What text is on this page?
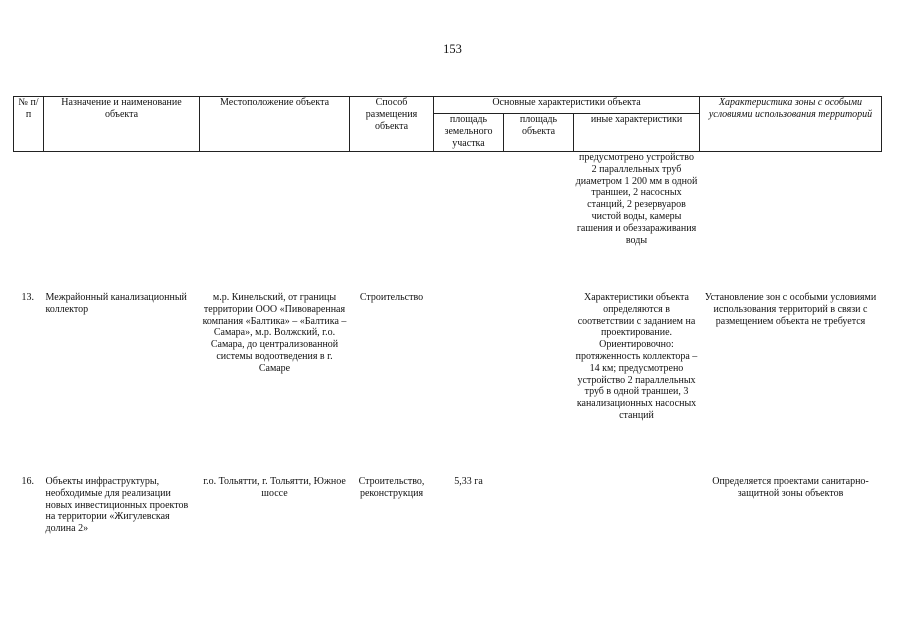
153
№ п/п	Назначение и наименование объекта	Местоположение объекта	Способ размещения объекта	Основные характеристики объекта			Характеристика зоны с особыми условиями использования территорий
				площадь земельного участка	площадь объекта	иные характеристики	
						предусмотрено устройство 2 параллельных труб диаметром 1 200 мм в одной траншеи, 2 насосных станций, 2 резервуаров чистой воды, камеры гашения и обеззараживания воды	
13.	Межрайонный канализационный коллектор	м.р. Кинельский, от границы территории ООО «Пивоваренная компания «Балтика» – «Балтика – Самара», м.р. Волжский, г.о. Самара, до централизованной системы водоотведения в г. Самаре	Строительство			Характеристики объекта определяются в соответствии с заданием на проектирование. Ориентировочно: протяженность коллектора – 14 км; предусмотрено устройство 2 параллельных труб в одной траншеи, 3 канализационных насосных станций	Установление зон с особыми условиями использования территорий в связи с размещением объекта не требуется
16.	Объекты инфраструктуры, необходимые для реализации новых инвестиционных проектов на территории «Жигулевская долина 2»	г.о. Тольятти, г. Тольятти, Южное шоссе	Строительство, реконструкция	5,33 га			Определяется проектами санитарно-защитной зоны объектов
